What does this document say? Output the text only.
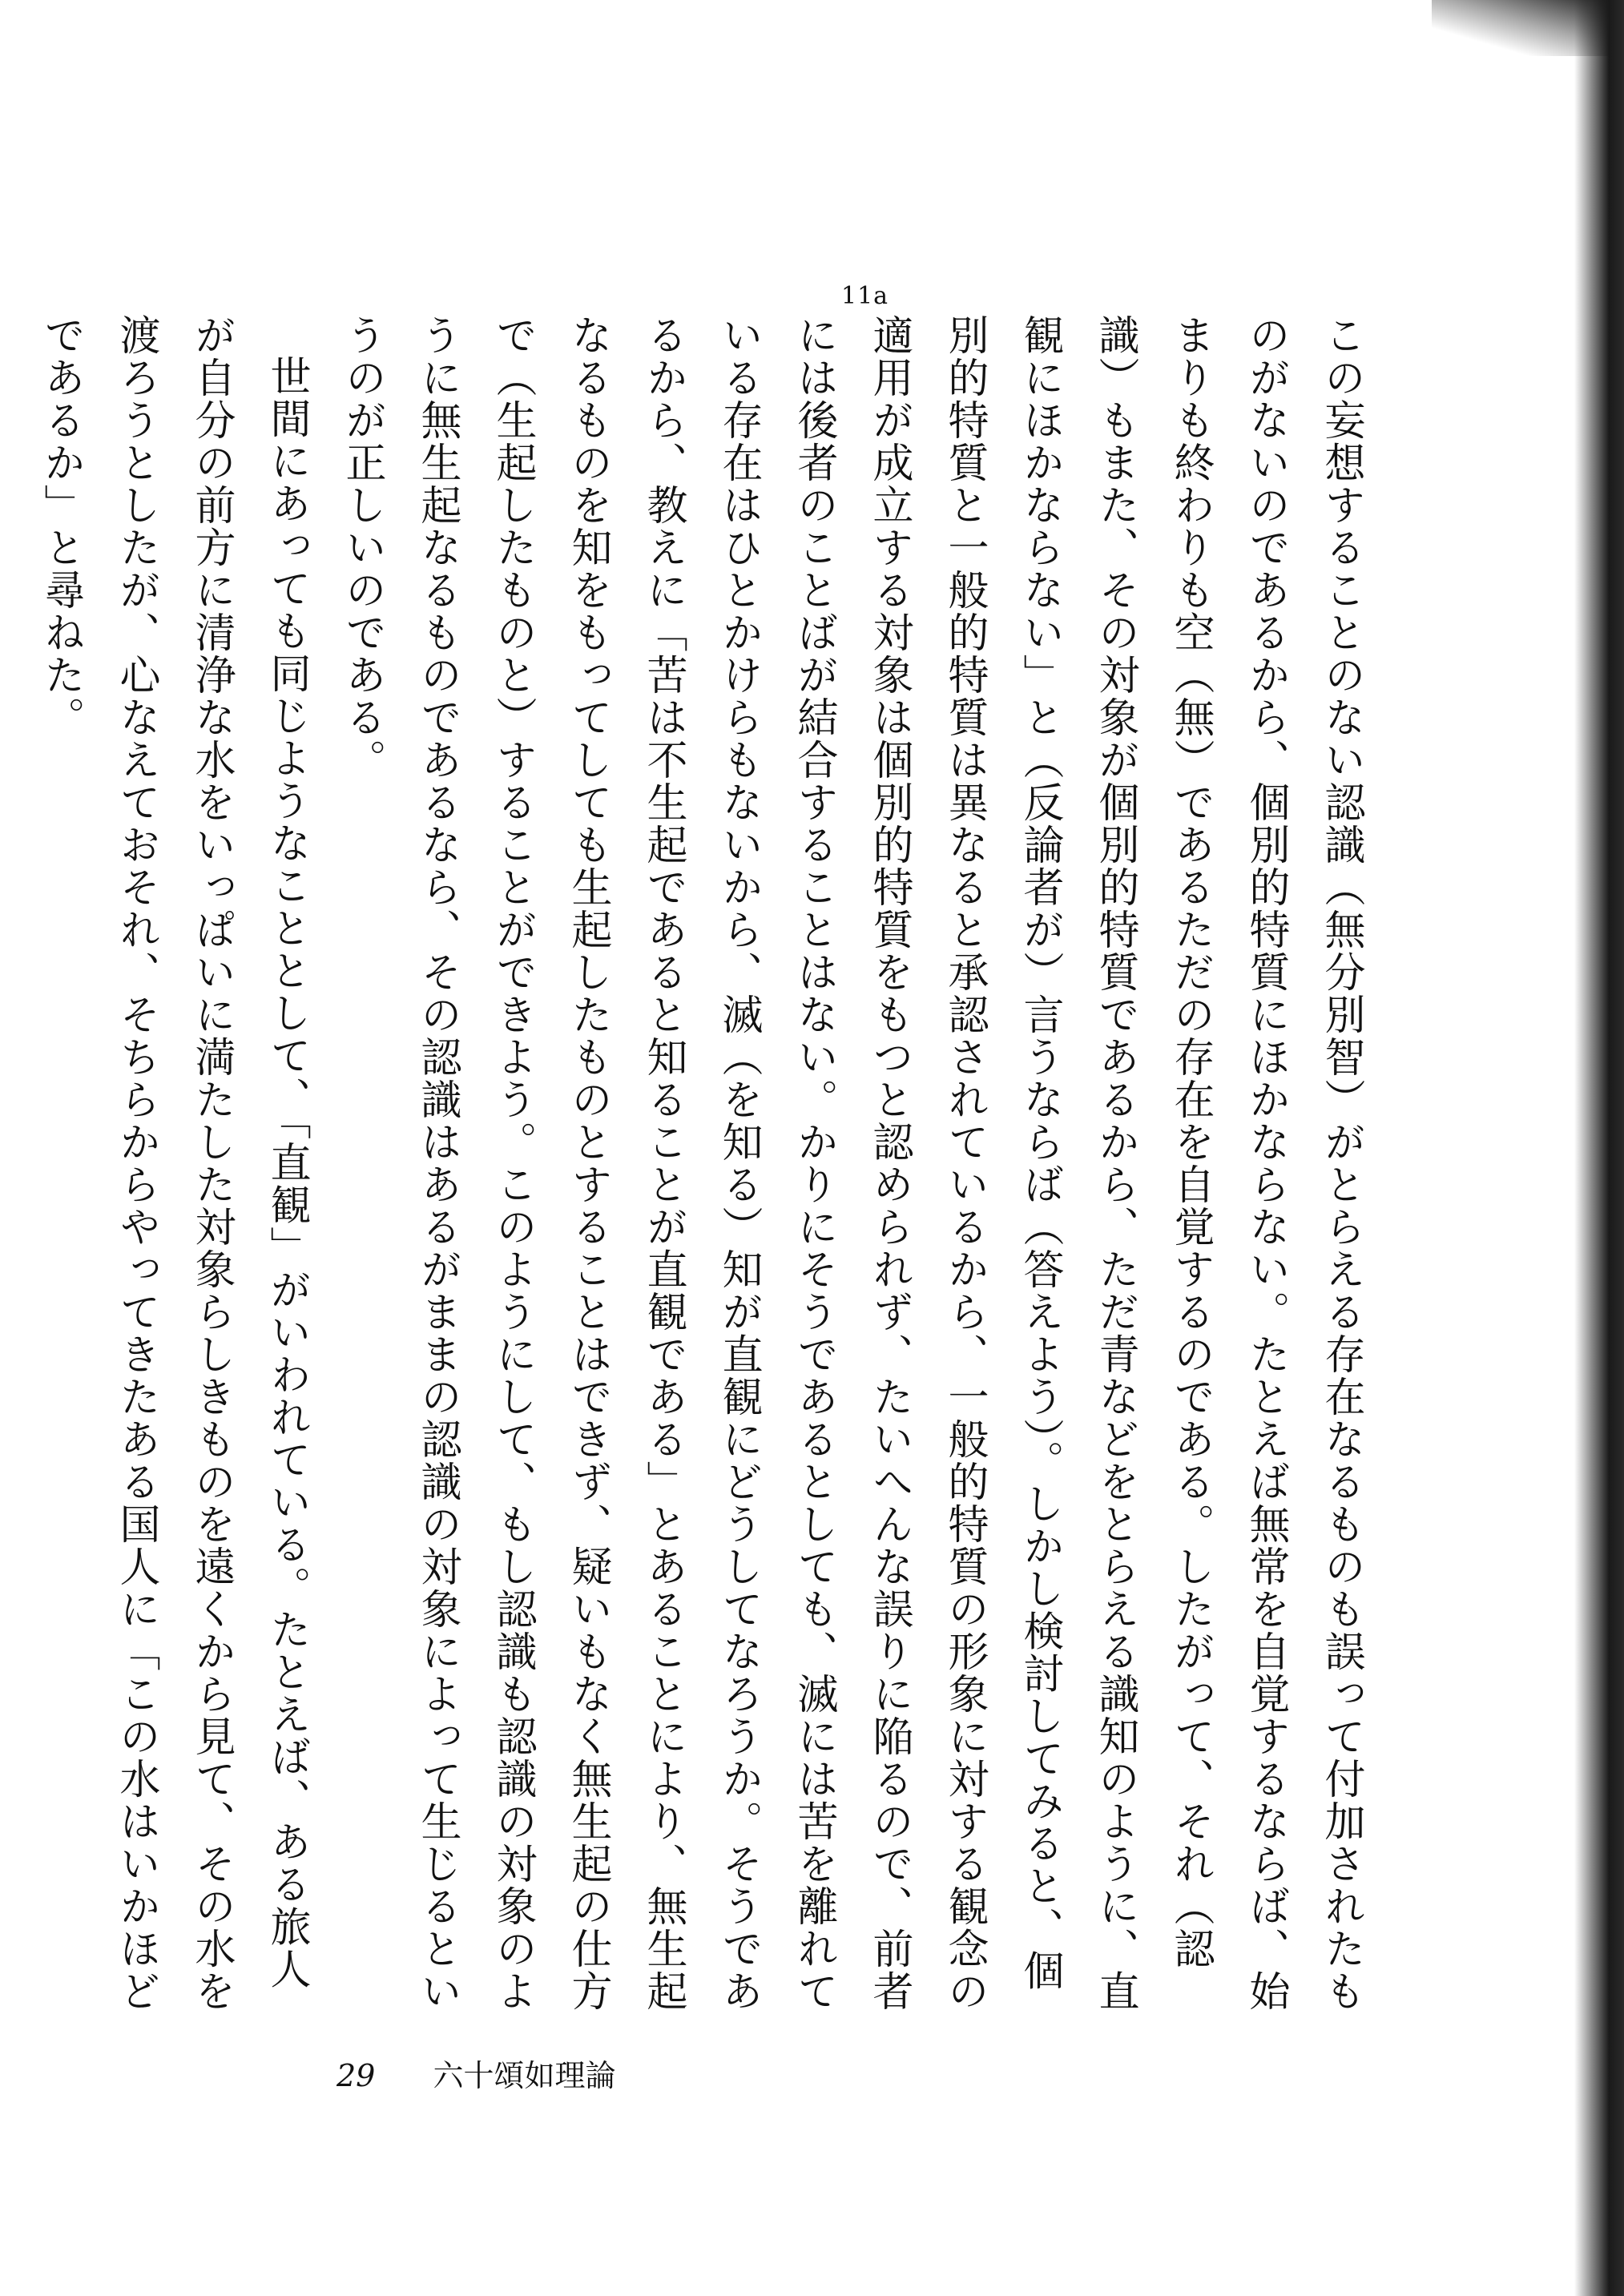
11a

この妄想することのない認識（無分別智）がとらえる存在なるものも誤って付加されたものがないのであるから、個別的特質にほかならない。たとえば無常を自覚するならば、始まりも終わりも空（無）であるただの存在を自覚するのである。したがって、それ（認識）もまた、その対象が個別的特質であるから、ただ青などをとらえる識知のように、直観にほかならない」と（反論者が）言うならば（答えよう）。しかし検討してみると、個別的特質と一般的特質は異なると承認されているから、一般的特質の形象に対する観念の適用が成立する対象は個別的特質をもつと認められず、たいへんな誤りに陥るので、前者には後者のことばが結合することはない。かりにそうであるとしても、滅には苦を離れている存在はひとかけらもないから、滅（を知る）知が直観にどうしてなろうか。そうであるから、教えに「苦は不生起であると知ることが直観である」とあることにより、無生起なるものを知をもってしても生起したものとすることはできず、疑いもなく無生起の仕方で（生起したものと）することができよう。このようにして、もし認識も認識の対象のように無生起なるものであるなら、その認識はあるがままの認識の対象によって生じるというのが正しいのである。

世間にあっても同じようなこととして、「直観」がいわれている。たとえば、ある旅人が自分の前方に清浄な水をいっぱいに満たした対象らしきものを遠くから見て、その水を渡ろうとしたが、心なえておそれ、そちらからやってきたある国人に「この水はいかほどであるか」と尋ねた。

29 六十頌如理論
